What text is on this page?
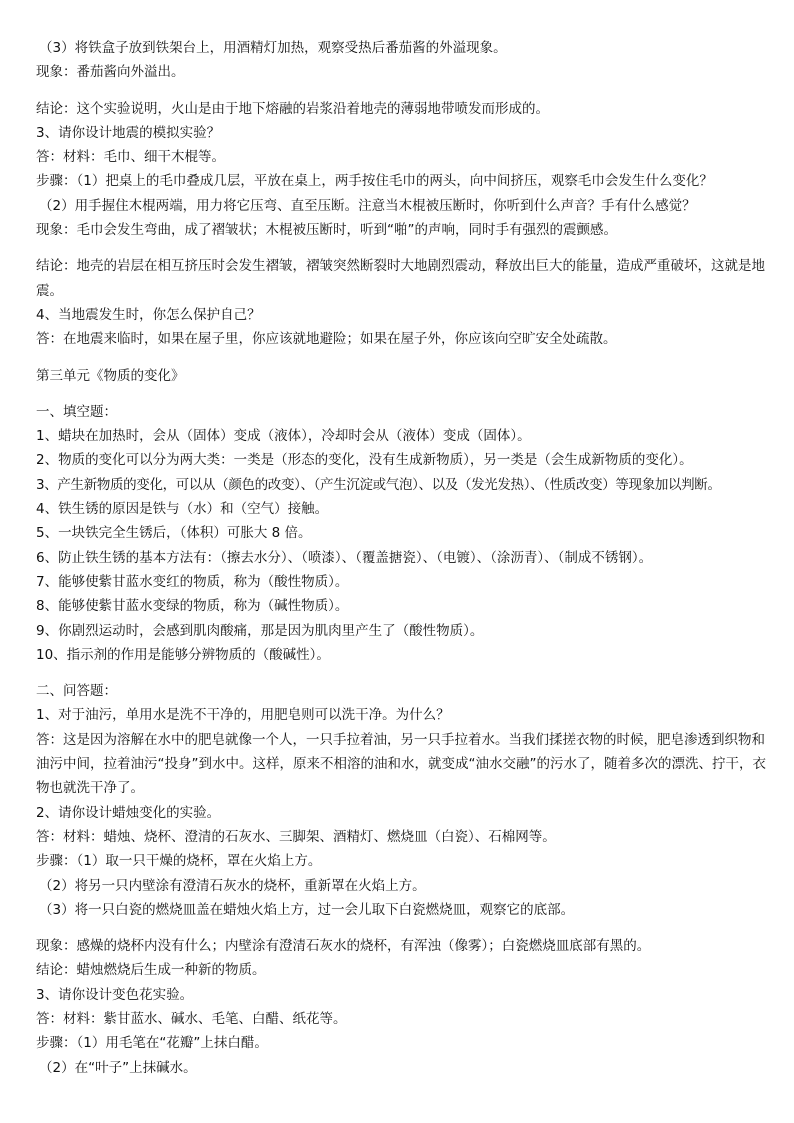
（3）将铁盒子放到铁架台上，用酒精灯加热，观察受热后番茄酱的外溢现象。
现象：番茄酱向外溢出。
结论：这个实验说明，火山是由于地下熔融的岩浆沿着地壳的薄弱地带喷发而形成的。
3、请你设计地震的模拟实验？
答：材料：毛巾、细干木棍等。
步骤：（1）把桌上的毛巾叠成几层，平放在桌上，两手按住毛巾的两头，向中间挤压，观察毛巾会发生什么变化？
（2）用手握住木棍两端，用力将它压弯、直至压断。注意当木棍被压断时，你听到什么声音？手有什么感觉？
现象：毛巾会发生弯曲，成了褶皱状；木棍被压断时，听到“啪”的声响，同时手有强烈的震颤感。
结论：地壳的岩层在相互挤压时会发生褶皱，褶皱突然断裂时大地剧烈震动，释放出巨大的能量，造成严重破坏，这就是地震。
4、当地震发生时，你怎么保护自己？
答：在地震来临时，如果在屋子里，你应该就地避险；如果在屋子外，你应该向空旷安全处疏散。
第三单元《物质的变化》
一、填空题：
1、蜡块在加热时，会从（固体）变成（液体），冷却时会从（液体）变成（固体）。
2、物质的变化可以分为两大类：一类是（形态的变化，没有生成新物质），另一类是（会生成新物质的变化）。
3、产生新物质的变化，可以从（颜色的改变）、（产生沉淀或气泡）、以及（发光发热）、（性质改变）等现象加以判断。
4、铁生锈的原因是铁与（水）和（空气）接触。
5、一块铁完全生锈后，（体积）可胀大 8 倍。
6、防止铁生锈的基本方法有：（擦去水分）、（喷漆）、（覆盖搪瓷）、（电镀）、（涂沥青）、（制成不锈钢）。
7、能够使紫甘蓝水变红的物质，称为（酸性物质）。
8、能够使紫甘蓝水变绿的物质，称为（碱性物质）。
9、你剧烈运动时，会感到肌肉酸痛，那是因为肌肉里产生了（酸性物质）。
10、指示剂的作用是能够分辨物质的（酸碱性）。
二、问答题：
1、对于油污，单用水是洗不干净的，用肥皂则可以洗干净。为什么？
答：这是因为溶解在水中的肥皂就像一个人，一只手拉着油，另一只手拉着水。当我们揉搓衣物的时候，肥皂渗透到织物和油污中间，拉着油污“投身”到水中。这样，原来不相溶的油和水，就变成“油水交融”的污水了，随着多次的漂洗、拧干，衣物也就洗干净了。
2、请你设计蜡烛变化的实验。
答：材料：蜡烛、烧杯、澄清的石灰水、三脚架、酒精灯、燃烧皿（白瓷）、石棉网等。
步骤：（1）取一只干燥的烧杯，罩在火焰上方。
（2）将另一只内壁涂有澄清石灰水的烧杯，重新罩在火焰上方。
（3）将一只白瓷的燃烧皿盖在蜡烛火焰上方，过一会儿取下白瓷燃烧皿，观察它的底部。
现象：感燥的烧杯内没有什么；内壁涂有澄清石灰水的烧杯，有浑浊（像雾）；白瓷燃烧皿底部有黑的。
结论：蜡烛燃烧后生成一种新的物质。
3、请你设计变色花实验。
答：材料：紫甘蓝水、碱水、毛笔、白醋、纸花等。
步骤：（1）用毛笔在“花瓣”上抹白醋。
（2）在“叶子”上抹碱水。
